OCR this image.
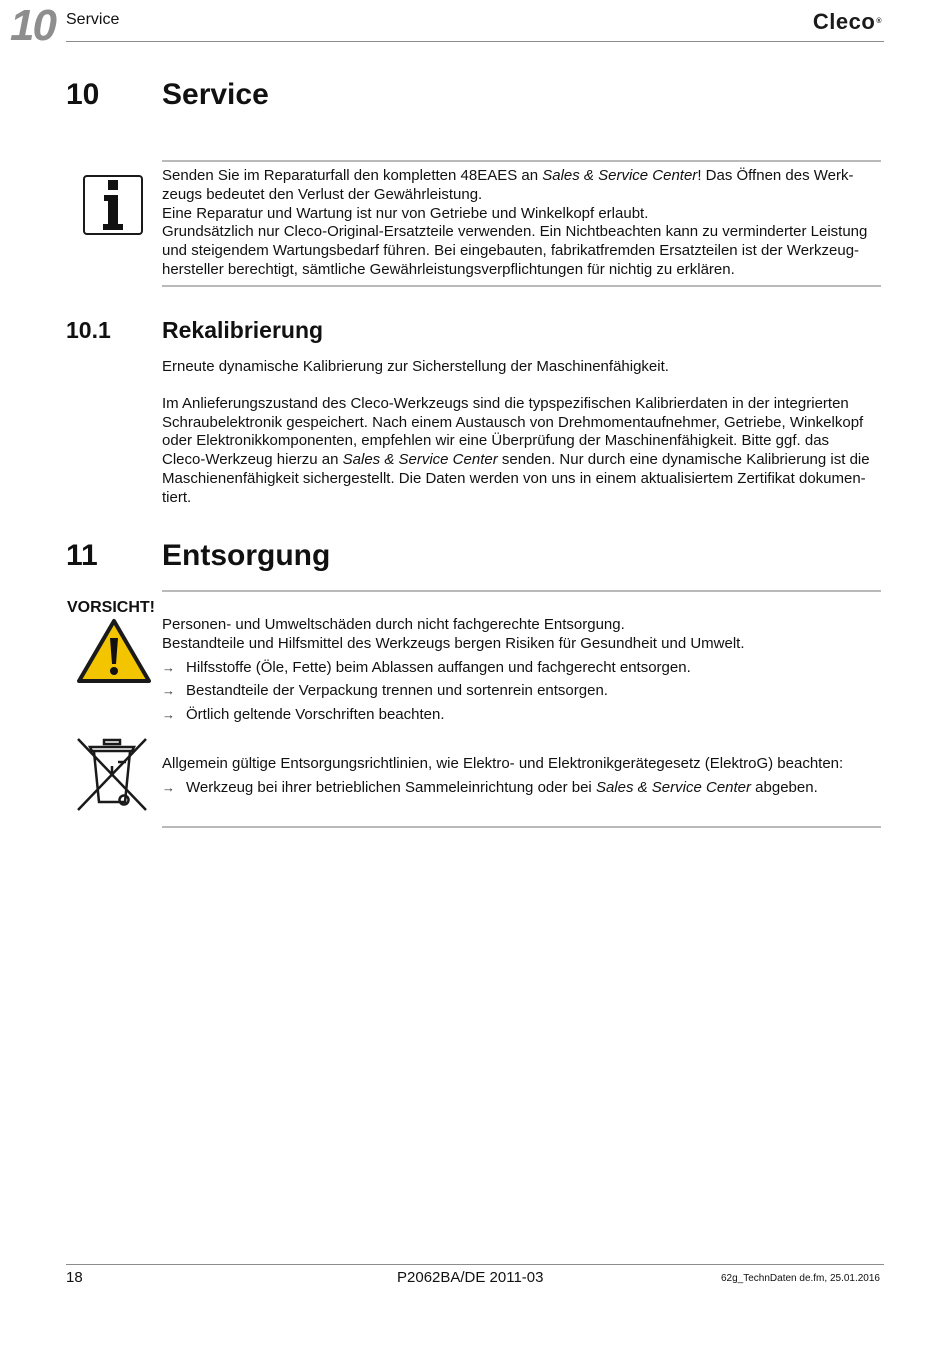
10 Service	Cleco®
10 Service

Senden Sie im Reparaturfall den kompletten 48EAES an Sales & Service Center! Das Öffnen des Werk-

zeugs bedeutet den Verlust der Gewährleistung.

Eine Reparatur und Wartung ist nur von Getriebe und Winkelkopf erlaubt.

Grundsätzlich nur Cleco-Original-Ersatzteile verwenden. Ein Nichtbeachten kann zu verminderter Leistung

und steigendem Wartungsbedarf führen. Bei eingebauten, fabrikatfremden Ersatzteilen ist der Werkzeug-

hersteller berechtigt, sämtliche Gewährleistungsverpflichtungen für nichtig zu erklären.

10.1 Rekalibrierung

Erneute dynamische Kalibrierung zur Sicherstellung der Maschinenfähigkeit.

Im Anlieferungszustand des Cleco-Werkzeugs sind die typspezifischen Kalibrierdaten in der integrierten

Schraubelektronik gespeichert. Nach einem Austausch von Drehmomentaufnehmer, Getriebe, Winkelkopf

oder Elektronikkomponenten, empfehlen wir eine Überprüfung der Maschinenfähigkeit. Bitte ggf. das

Cleco-Werkzeug hierzu an Sales & Service Center senden. Nur durch eine dynamische Kalibrierung ist die

Maschienenfähigkeit sichergestellt. Die Daten werden von uns in einem aktualisiertem Zertifikat dokumen-

tiert.

11 Entsorgung
VORSICHT!

Personen- und Umweltschäden durch nicht fachgerechte Entsorgung.

Bestandteile und Hilfsmittel des Werkzeugs bergen Risiken für Gesundheit und Umwelt.

→ Hilfsstoffe (Öle, Fette) beim Ablassen auffangen und fachgerecht entsorgen.
→ Bestandteile der Verpackung trennen und sortenrein entsorgen.
→ Örtlich geltende Vorschriften beachten.

Allgemein gültige Entsorgungsrichtlinien, wie Elektro- und Elektronikgerätegesetz (ElektroG) beachten:

→ Werkzeug bei ihrer betrieblichen Sammeleinrichtung oder bei Sales & Service Center abgeben.
18	P2062BA/DE 2011-03	62g_TechnDaten de.fm, 25.01.2016
